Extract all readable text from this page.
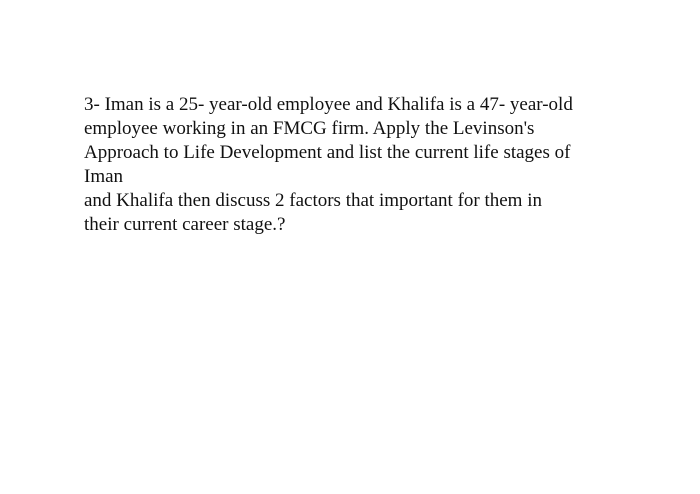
3- Iman is a 25- year-old employee and Khalifa is a 47- year-old
employee working in an FMCG firm. Apply the Levinson's
Approach to Life Development and list the current life stages of
Iman
and Khalifa then discuss 2 factors that important for them in
their current career stage.?
